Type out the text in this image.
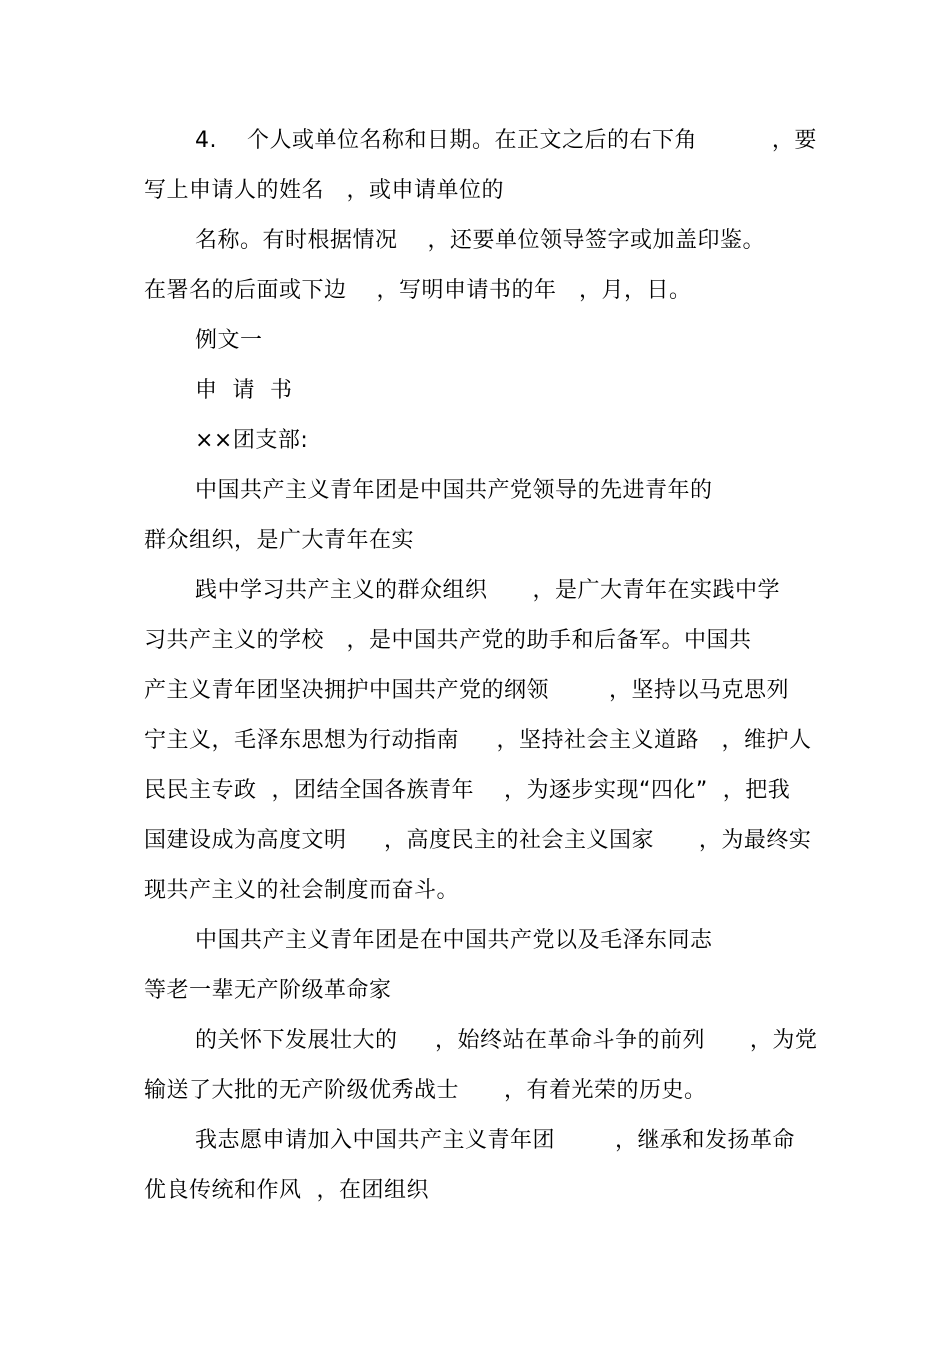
4.    个人或单位名称和日期。在正文之后的右下角          ，要
写上申请人的姓名   ，或申请单位的
名称。有时根据情况    ，还要单位领导签字或加盖印鉴。
在署名的后面或下边    ，写明申请书的年   ，月，日。
例文一
申  请  书
××团支部:
中国共产主义青年团是中国共产党领导的先进青年的
群众组织，是广大青年在实
践中学习共产主义的群众组织      ，是广大青年在实践中学
习共产主义的学校   ，是中国共产党的助手和后备军。中国共
产主义青年团坚决拥护中国共产党的纲领        ，坚持以马克思列
宁主义，毛泽东思想为行动指南     ，坚持社会主义道路   ，维护人
民民主专政  ，团结全国各族青年    ，为逐步实现“四化”  ，把我
国建设成为高度文明     ，高度民主的社会主义国家      ，为最终实
现共产主义的社会制度而奋斗。
中国共产主义青年团是在中国共产党以及毛泽东同志
等老一辈无产阶级革命家
的关怀下发展壮大的     ，始终站在革命斗争的前列      ，为党
输送了大批的无产阶级优秀战士      ，有着光荣的历史。
我志愿申请加入中国共产主义青年团        ，继承和发扬革命
优良传统和作风  ，在团组织
